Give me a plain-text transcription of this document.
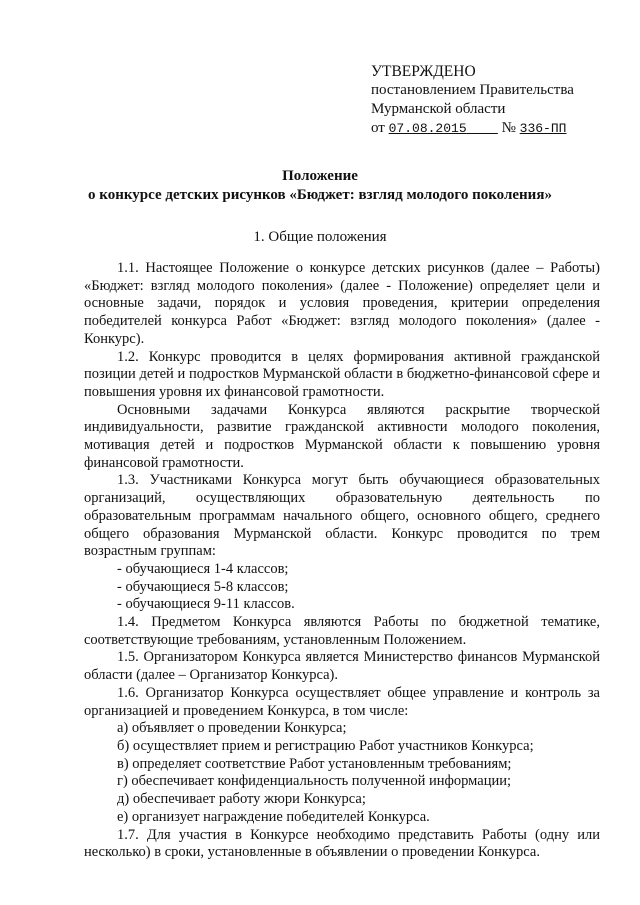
УТВЕРЖДЕНО
постановлением Правительства
Мурманской области
от 07.08.2015 № 336-ПП
Положение
о конкурсе детских рисунков «Бюджет: взгляд молодого поколения»
1. Общие положения

1.1. Настоящее Положение о конкурсе детских рисунков (далее – Работы) «Бюджет: взгляд молодого поколения» (далее - Положение) определяет цели и основные задачи, порядок и условия проведения, критерии определения победителей конкурса Работ «Бюджет: взгляд молодого поколения» (далее - Конкурс).

1.2. Конкурс проводится в целях формирования активной гражданской позиции детей и подростков Мурманской области в бюджетно-финансовой сфере и повышения уровня их финансовой грамотности.

Основными задачами Конкурса являются раскрытие творческой индивидуальности, развитие гражданской активности молодого поколения, мотивация детей и подростков Мурманской области к повышению уровня финансовой грамотности.

1.3. Участниками Конкурса могут быть обучающиеся образовательных организаций, осуществляющих образовательную деятельность по образовательным программам начального общего, основного общего, среднего общего образования Мурманской области. Конкурс проводится по трем возрастным группам:

- обучающиеся 1-4 классов;

- обучающиеся 5-8 классов;

- обучающиеся 9-11 классов.

1.4. Предметом Конкурса являются Работы по бюджетной тематике, соответствующие требованиям, установленным Положением.

1.5. Организатором Конкурса является Министерство финансов Мурманской области (далее – Организатор Конкурса).

1.6. Организатор Конкурса осуществляет общее управление и контроль за организацией и проведением Конкурса, в том числе:

а) объявляет о проведении Конкурса;

б) осуществляет прием и регистрацию Работ участников Конкурса;

в) определяет соответствие Работ установленным требованиям;

г) обеспечивает конфиденциальность полученной информации;

д) обеспечивает работу жюри Конкурса;

е) организует награждение победителей Конкурса.

1.7. Для участия в Конкурсе необходимо представить Работы (одну или несколько) в сроки, установленные в объявлении о проведении Конкурса.
